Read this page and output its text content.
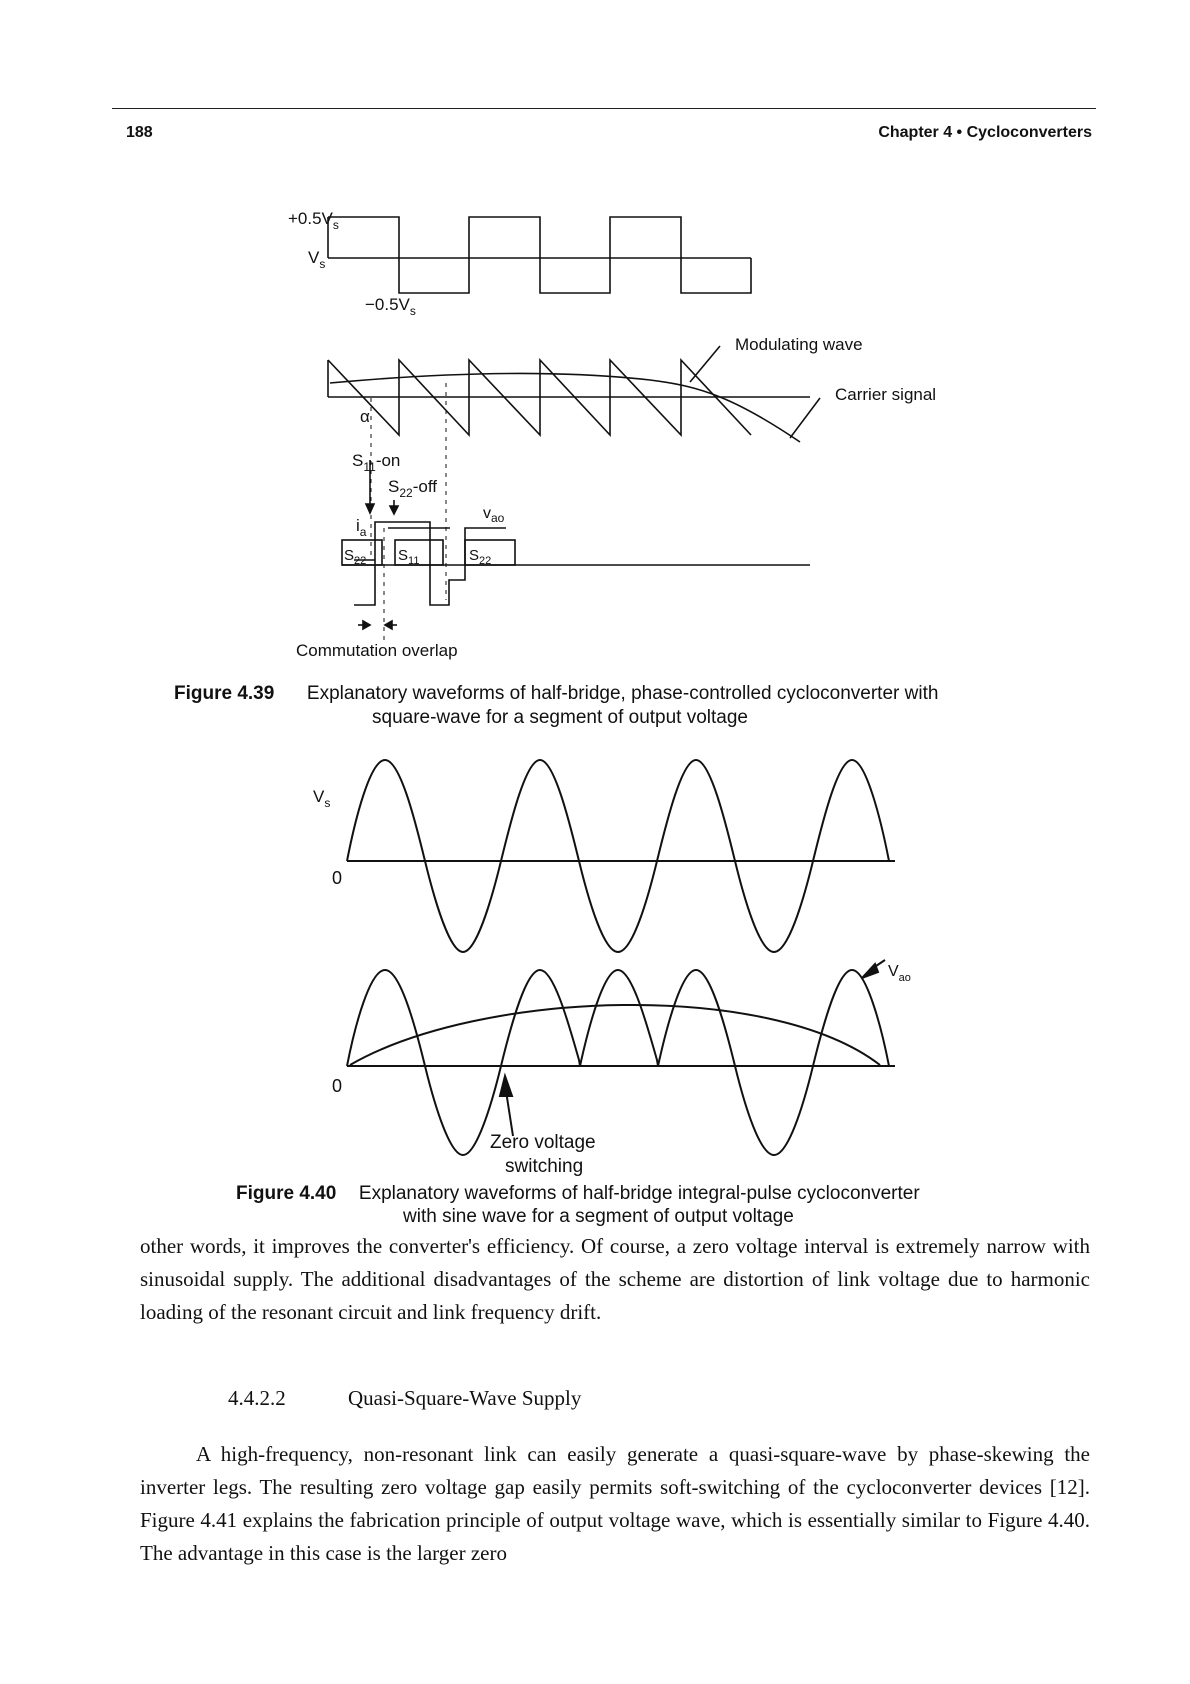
188	Chapter 4 • Cycloconverters
$+0.5V_s$
$V_s$
$-0.5V_s$
Modulating wave
Carrier signal
α
$S_{11}-on$
$S_{22}$-off
$i_a$
$v_{ao}$
$S_{22}$ $S_{11}$	$S_{22}$
Commutation overlap
Figure 4.39 Explanatory waveforms of half-bridge, phase-controlled cycloconverter with
square-wave for a segment of output voltage
$V_s$
0
0
$V_{ao}$
Zero voltage
switching
Figure 4.40 Explanatory waveforms of half-bridge integral-pulse cycloconverter
with sine wave for a segment of output voltage
other words, it improves the converter's efficiency. Of course, a zero voltage interval is extremely narrow with sinusoidal supply. The additional disadvantages of the scheme are distortion of link voltage due to harmonic loading of the resonant circuit and link frequency drift.
4.4.2.2	Quasi-Square-Wave Supply
A high-frequency, non-resonant link can easily generate a quasi-square-wave by phase-skewing the inverter legs. The resulting zero voltage gap easily permits soft-switching of the cycloconverter devices [12]. Figure 4.41 explains the fabrication principle of output voltage wave, which is essentially similar to Figure 4.40. The advantage in this case is the larger zero
